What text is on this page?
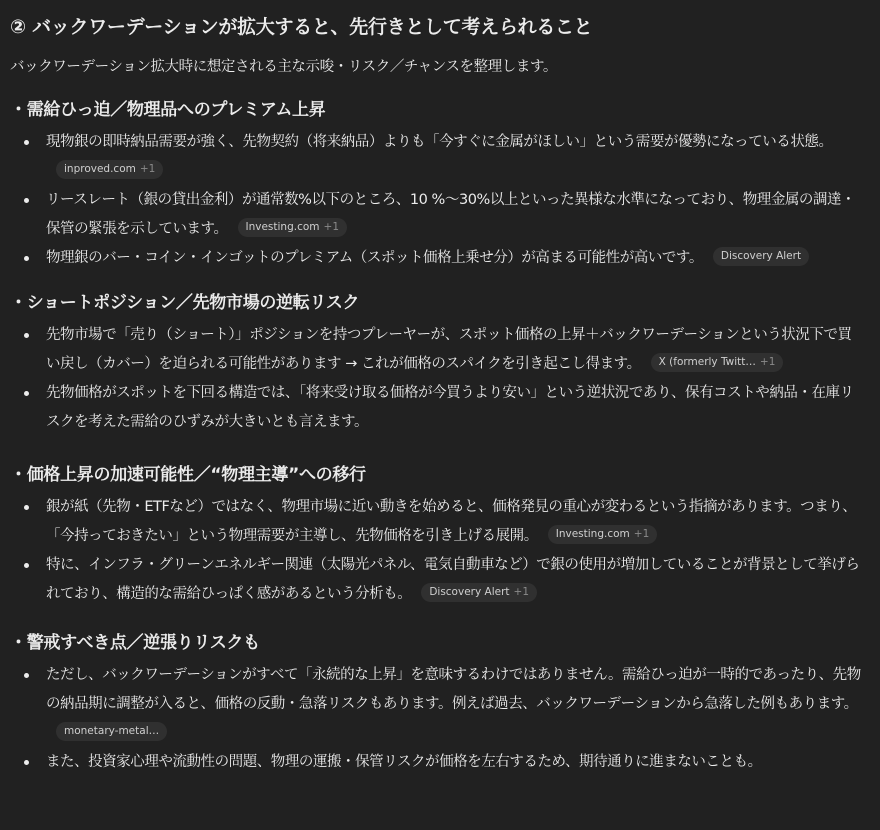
② バックワーデーションが拡大すると、先行きとして考えられること

バックワーデーション拡大時に想定される主な示唆・リスク／チャンスを整理します。

・需給ひっ迫／物理品へのプレミアム上昇
現物銀の即時納品需要が強く、先物契約（将来納品）よりも「今すぐに金属がほしい」という需要が優勢になっている状態。inproved.com +1
リースレート（銀の貸出金利）が通常数%以下のところ、10 %～30%以上といった異様な水準になっており、物理金属の調達・保管の緊張を示しています。 Investing.com +1
物理銀のバー・コイン・インゴットのプレミアム（スポット価格上乗せ分）が高まる可能性が高いです。 Discovery Alert
・ショートポジション／先物市場の逆転リスク
先物市場で「売り（ショート）」ポジションを持つプレーヤーが、スポット価格の上昇＋バックワーデーションという状況下で買い戻し（カバー）を迫られる可能性があります → これが価格のスパイクを引き起こし得ます。 X (formerly Twitt… +1
先物価格がスポットを下回る構造では、「将来受け取る価格が今買うより安い」という逆状況であり、保有コストや納品・在庫リスクを考えた需給のひずみが大きいとも言えます。
・価格上昇の加速可能性／“物理主導”への移行
銀が紙（先物・ETFなど）ではなく、物理市場に近い動きを始めると、価格発見の重心が変わるという指摘があります。つまり、「今持っておきたい」という物理需要が主導し、先物価格を引き上げる展開。 Investing.com +1
特に、インフラ・グリーンエネルギー関連（太陽光パネル、電気自動車など）で銀の使用が増加していることが背景として挙げられており、構造的な需給ひっぱく感があるという分析も。 Discovery Alert +1
・警戒すべき点／逆張りリスクも
ただし、バックワーデーションがすべて「永続的な上昇」を意味するわけではありません。需給ひっ迫が一時的であったり、先物の納品期に調整が入ると、価格の反動・急落リスクもあります。例えば過去、バックワーデーションから急落した例もあります。monetary-metal…
また、投資家心理や流動性の問題、物理の運搬・保管リスクが価格を左右するため、期待通りに進まないことも。
